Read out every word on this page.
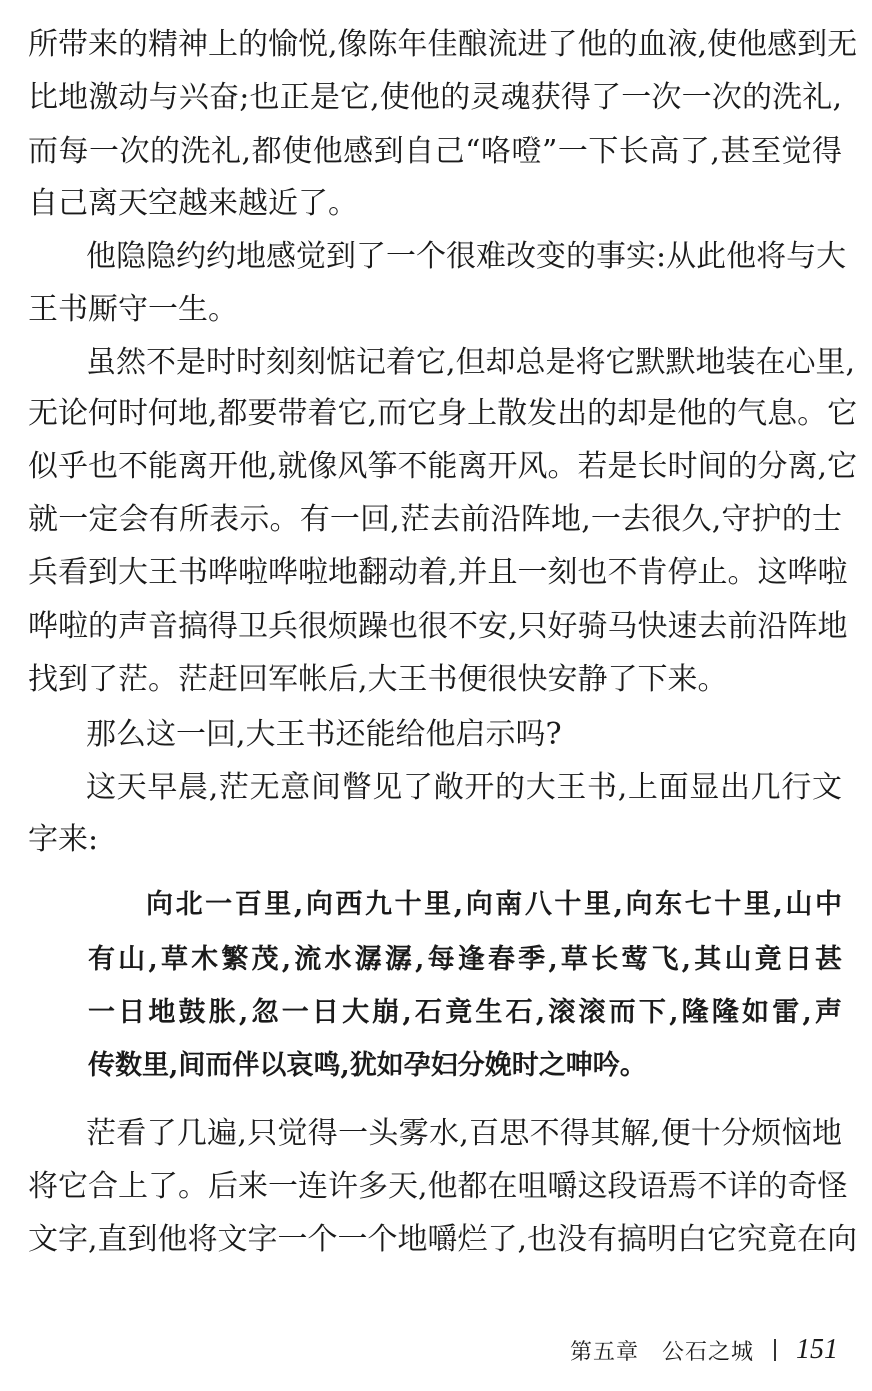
所带来的精神上的愉悦,像陈年佳酿流进了他的血液,使他感到无
比地激动与兴奋;也正是它,使他的灵魂获得了一次一次的洗礼,
而每一次的洗礼,都使他感到自己“咯噔”一下长高了,甚至觉得
自己离天空越来越近了。
他隐隐约约地感觉到了一个很难改变的事实:从此他将与大
王书厮守一生。
虽然不是时时刻刻惦记着它,但却总是将它默默地装在心里,
无论何时何地,都要带着它,而它身上散发出的却是他的气息。它
似乎也不能离开他,就像风筝不能离开风。若是长时间的分离,它
就一定会有所表示。有一回,茫去前沿阵地,一去很久,守护的士
兵看到大王书哗啦哗啦地翻动着,并且一刻也不肯停止。这哗啦
哗啦的声音搞得卫兵很烦躁也很不安,只好骑马快速去前沿阵地
找到了茫。茫赶回军帐后,大王书便很快安静了下来。
那么这一回,大王书还能给他启示吗?
这天早晨,茫无意间瞥见了敞开的大王书,上面显出几行文
字来:
向北一百里,向西九十里,向南八十里,向东七十里,山中
有山,草木繁茂,流水潺潺,每逢春季,草长莺飞,其山竟日甚
一日地鼓胀,忽一日大崩,石竟生石,滚滚而下,隆隆如雷,声
传数里,间而伴以哀鸣,犹如孕妇分娩时之呻吟。
茫看了几遍,只觉得一头雾水,百思不得其解,便十分烦恼地
将它合上了。后来一连许多天,他都在咀嚼这段语焉不详的奇怪
文字,直到他将文字一个一个地嚼烂了,也没有搞明白它究竟在向
第五章　公石之城 151
